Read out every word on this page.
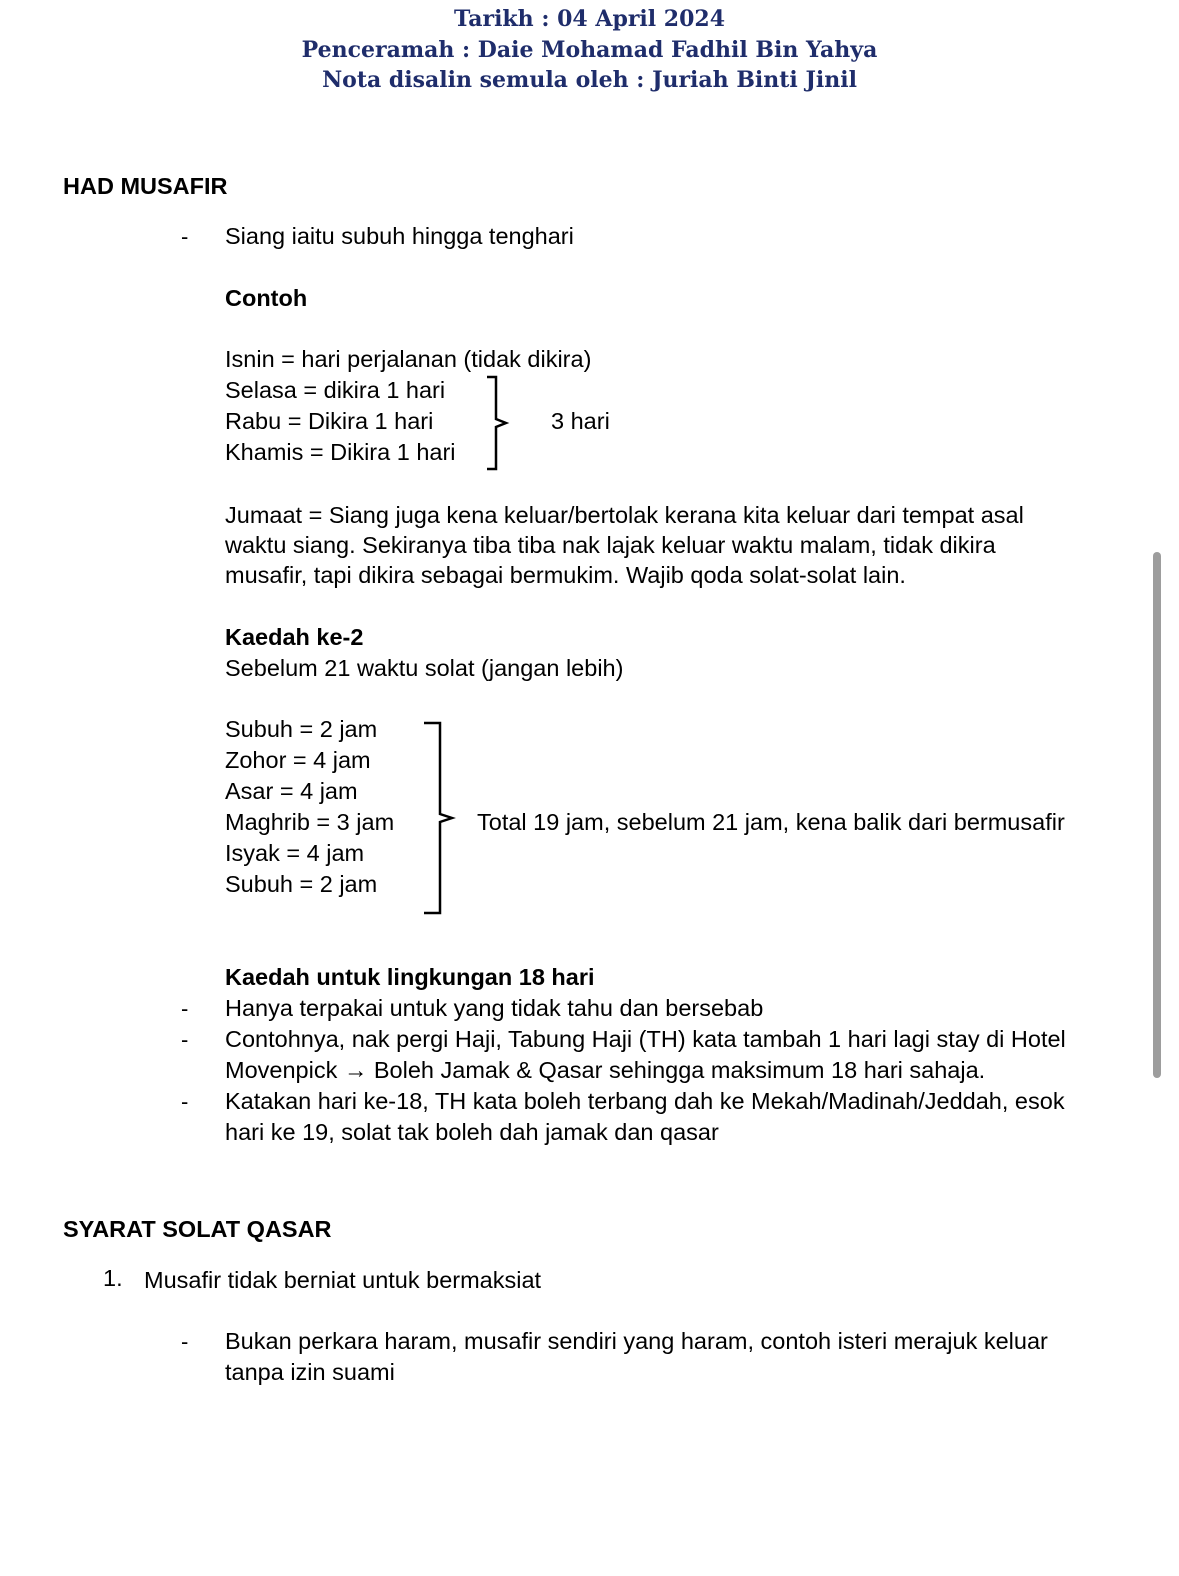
Tarikh : 04 April 2024
Penceramah : Daie Mohamad Fadhil Bin Yahya
Nota disalin semula oleh : Juriah Binti Jinil
HAD MUSAFIR
- Siang iaitu subuh hingga tenghari
Contoh
Isnin = hari perjalanan (tidak dikira)
Selasa = dikira 1 hari
Rabu = Dikira 1 hari
Khamis = Dikira 1 hari
3 hari
Jumaat = Siang juga kena keluar/bertolak kerana kita keluar dari tempat asal
waktu siang. Sekiranya tiba tiba nak lajak keluar waktu malam, tidak dikira
musafir, tapi dikira sebagai bermukim. Wajib qoda solat-solat lain.
Kaedah ke-2
Sebelum 21 waktu solat (jangan lebih)
Subuh = 2 jam
Zohor = 4 jam
Asar = 4 jam
Maghrib = 3 jam
Isyak = 4 jam
Subuh = 2 jam
Total 19 jam, sebelum 21 jam, kena balik dari bermusafir
Kaedah untuk lingkungan 18 hari
- Hanya terpakai untuk yang tidak tahu dan bersebab
- Contohnya, nak pergi Haji, Tabung Haji (TH) kata tambah 1 hari lagi stay di Hotel
Movenpick → Boleh Jamak & Qasar sehingga maksimum 18 hari sahaja.
- Katakan hari ke-18, TH kata boleh terbang dah ke Mekah/Madinah/Jeddah, esok
hari ke 19, solat tak boleh dah jamak dan qasar
SYARAT SOLAT QASAR
1. Musafir tidak berniat untuk bermaksiat
- Bukan perkara haram, musafir sendiri yang haram, contoh isteri merajuk keluar
tanpa izin suami
